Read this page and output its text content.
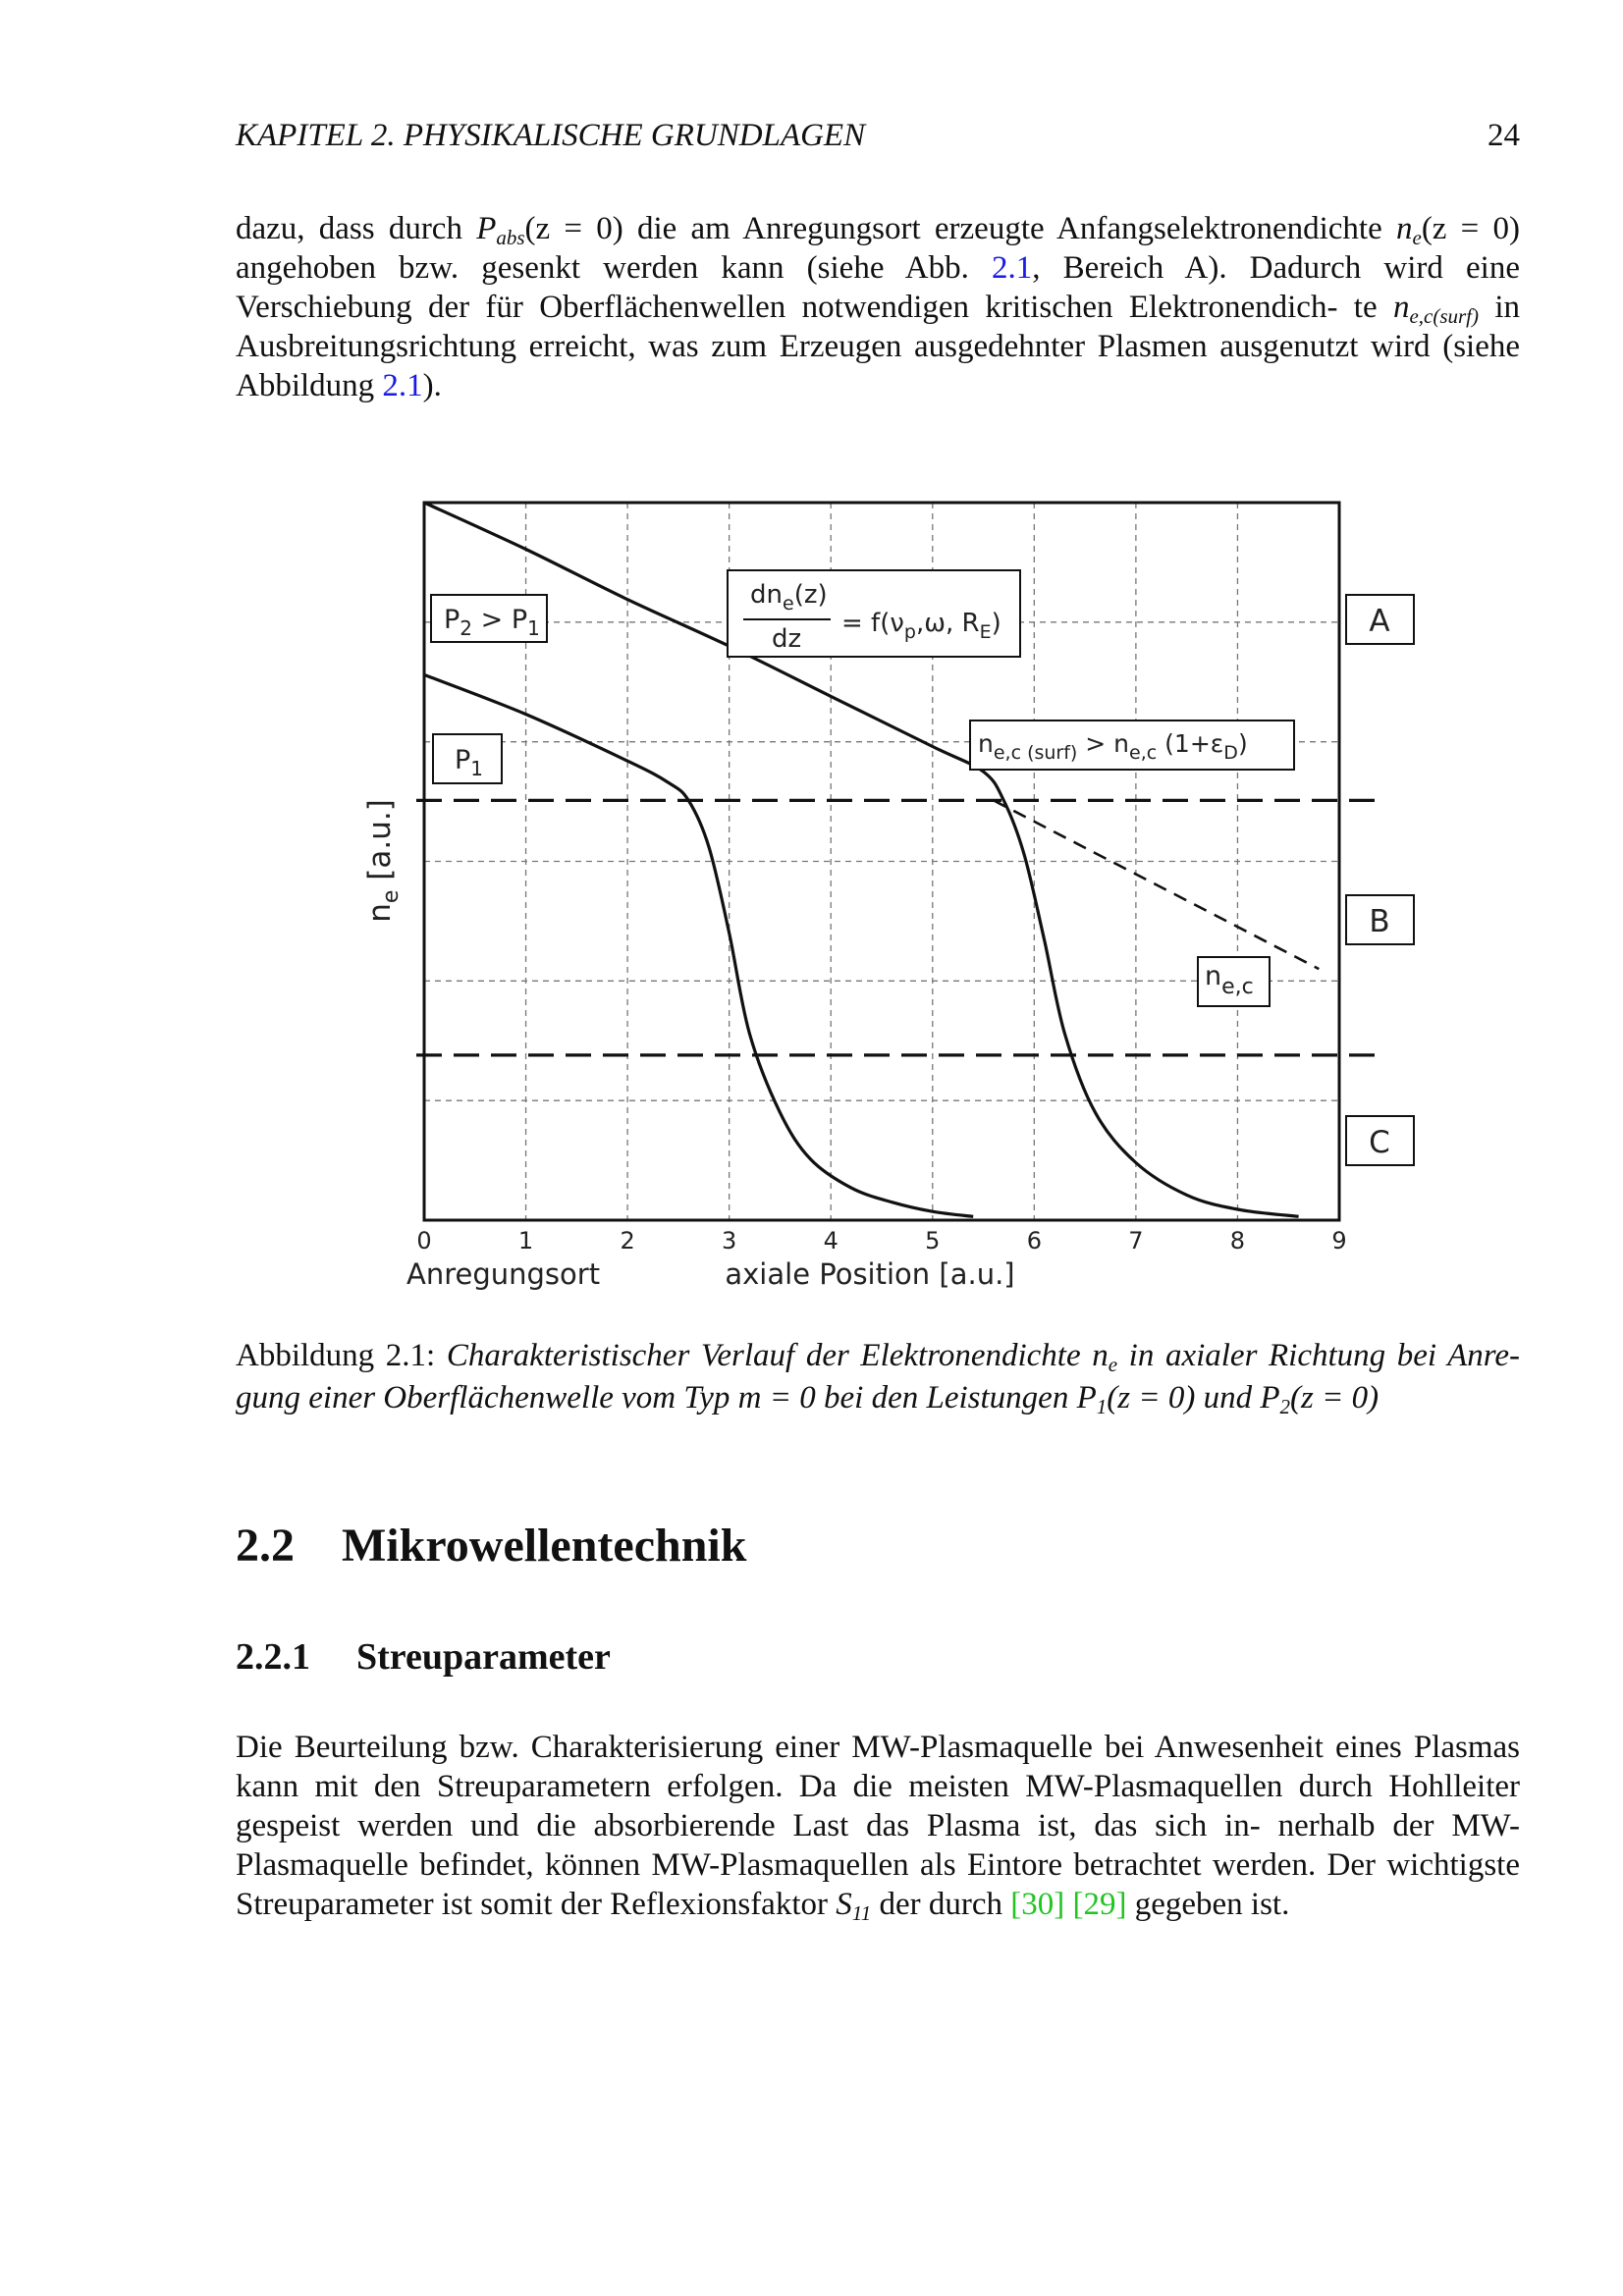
KAPITEL 2. PHYSIKALISCHE GRUNDLAGEN	24

dazu, dass durch $P_{abs}(z = 0)$ die am Anregungsort erzeugte Anfangselektronendichte $n_e(z = 0)$ angehoben bzw. gesenkt werden kann (siehe Abb. 2.1, Bereich A). Dadurch wird eine Verschiebung der für Oberflächenwellen notwendigen kritischen Elektronendich- te $n_{e,c(surf)}$ in Ausbreitungsrichtung erreicht, was zum Erzeugen ausgedehnter Plasmen ausgenutzt wird (siehe Abbildung 2.1).

0	1	2	3	4	5	6	7	8	9
$n_e$ [a.u.]
Anregungsort	axiale Position [a.u.]
$P_2 > P_1$
$P_1$
$dn_e(z)$
dz
= $f(\nu_p,\omega$, $R_E$)
$n_{e,c (surf)} > n_{e,c}$ $(1+\varepsilon_D)$
$n_{e,c}$
A
B
C
Abbildung 2.1: Charakteristischer Verlauf der Elektronendichte $n_e$ in axialer Richtung bei Anre- gung einer Oberflächenwelle vom Typ m = 0 bei den Leistungen $P_1(z = 0)$ und $P_2(z = 0)$
2.2 Mikrowellentechnik
2.2.1 Streuparameter

Die Beurteilung bzw. Charakterisierung einer MW-Plasmaquelle bei Anwesenheit eines Plasmas kann mit den Streuparametern erfolgen. Da die meisten MW-Plasmaquellen durch Hohlleiter gespeist werden und die absorbierende Last das Plasma ist, das sich in- nerhalb der MW-Plasmaquelle befindet, können MW-Plasmaquellen als Eintore betrachtet werden. Der wichtigste Streuparameter ist somit der Reflexionsfaktor $S_{11}$ der durch [30] [29] gegeben ist.
